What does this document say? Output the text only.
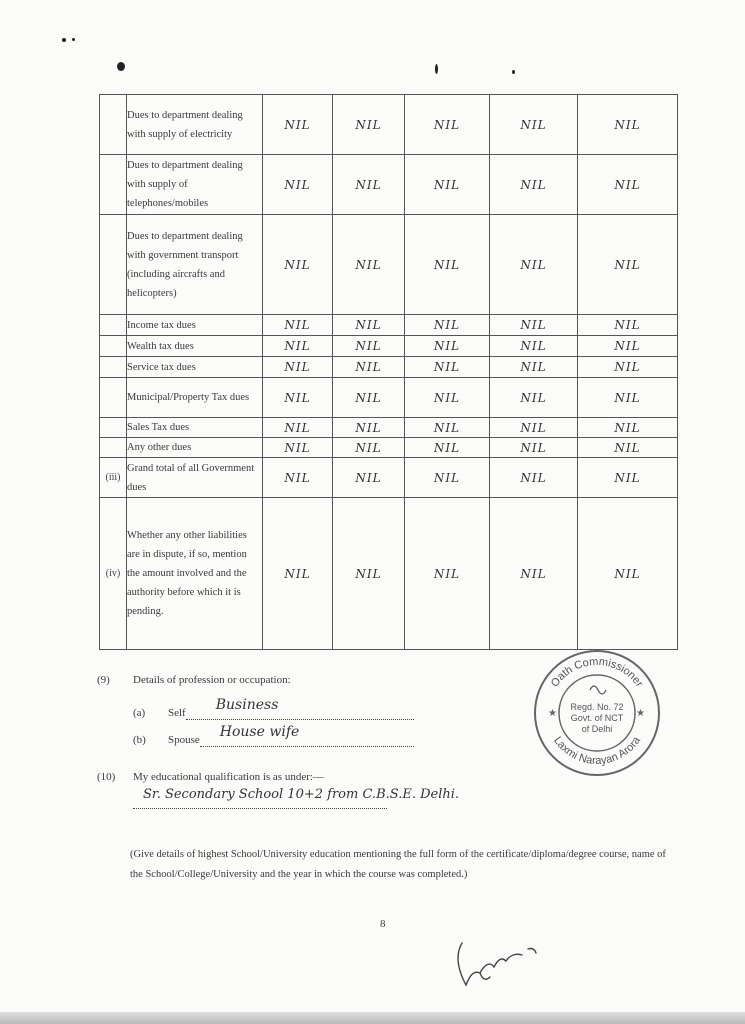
	Dues to department dealing with supply of electricity	NIL	NIL	NIL	NIL	NIL
	Dues to department dealing with supply of telephones/mobiles	NIL	NIL	NIL	NIL	NIL
	Dues to department dealing with government transport (including aircrafts and helicopters)	NIL	NIL	NIL	NIL	NIL
	Income tax dues	NIL	NIL	NIL	NIL	NIL
	Wealth tax dues	NIL	NIL	NIL	NIL	NIL
	Service tax dues	NIL	NIL	NIL	NIL	NIL
	Municipal/Property Tax dues	NIL	NIL	NIL	NIL	NIL
	Sales Tax dues	NIL	NIL	NIL	NIL	NIL
	Any other dues	NIL	NIL	NIL	NIL	NIL
(iii)	Grand total of all Government dues	NIL	NIL	NIL	NIL	NIL
(iv)	Whether any other liabilities are in dispute, if so, mention the amount involved and the authority before which it is pending.	NIL	NIL	NIL	NIL	NIL
(9) Details of profession or occupation:
(a) Self Business

(b) Spouse House wife

(10) My educational qualification is as under:—
Sr. Secondary School 10+2 from C.B.S.E. Delhi.

(Give details of highest School/University education mentioning the full form of the certificate/diploma/degree course, name of the School/College/University and the year in which the course was completed.)
8
Oath Commissioner
Laxmi Narayan Arora
Regd. No. 72
Govt. of NCT
of Delhi
★	★
